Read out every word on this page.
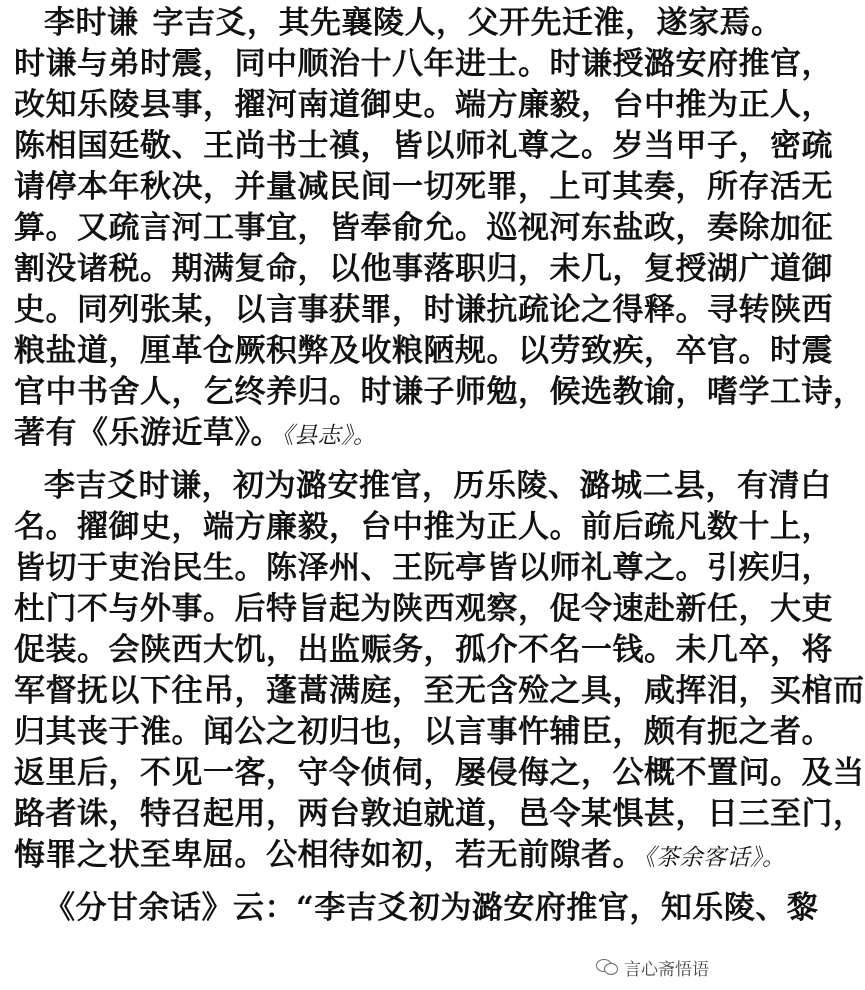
李时谦 字吉爻，其先襄陵人，父开先迁淮，遂家焉。
时谦与弟时震，同中顺治十八年进士。时谦授潞安府推官，
改知乐陵县事，擢河南道御史。端方廉毅，台中推为正人，
陈相国廷敬、王尚书士禛，皆以师礼尊之。岁当甲子，密疏
请停本年秋决，并量减民间一切死罪，上可其奏，所存活无
算。又疏言河工事宜，皆奉俞允。巡视河东盐政，奏除加征
割没诸税。期满复命，以他事落职归，未几，复授湖广道御
史。同列张某，以言事获罪，时谦抗疏论之得释。寻转陕西
粮盐道，厘革仓厥积弊及收粮陋规。以劳致疾，卒官。时震
官中书舍人，乞终养归。时谦子师勉，候选教谕，嗜学工诗，
著有《乐游近草》。《县志》。
李吉爻时谦，初为潞安推官，历乐陵、潞城二县，有清白
名。擢御史，端方廉毅，台中推为正人。前后疏凡数十上，
皆切于吏治民生。陈泽州、王阮亭皆以师礼尊之。引疾归，
杜门不与外事。后特旨起为陕西观察，促令速赴新任，大吏
促装。会陕西大饥，出监赈务，孤介不名一钱。未几卒，将
军督抚以下往吊，蓬蒿满庭，至无含殓之具，咸挥泪，买棺而
归其丧于淮。闻公之初归也，以言事忤辅臣，颇有扼之者。
返里后，不见一客，守令侦伺，屡侵侮之，公概不置问。及当
路者诛，特召起用，两台敦迫就道，邑令某惧甚，日三至门，
悔罪之状至卑屈。公相待如初，若无前隙者。《茶余客话》。
《分甘余话》云：“李吉爻初为潞安府推官，知乐陵、黎
言心斋悟语
